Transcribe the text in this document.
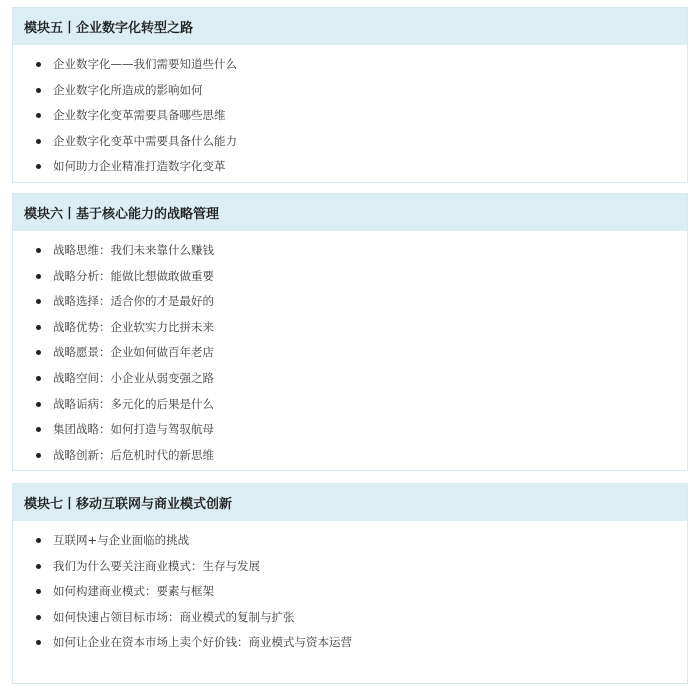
模块五丨企业数字化转型之路
企业数字化——我们需要知道些什么
企业数字化所造成的影响如何
企业数字化变革需要具备哪些思维
企业数字化变革中需要具备什么能力
如何助力企业精准打造数字化变革
模块六丨基于核心能力的战略管理
战略思维：我们未来靠什么赚钱
战略分析：能做比想做敢做重要
战略选择：适合你的才是最好的
战略优势：企业软实力比拼未来
战略愿景：企业如何做百年老店
战略空间：小企业从弱变强之路
战略诟病：多元化的后果是什么
集团战略：如何打造与驾驭航母
战略创新：后危机时代的新思维
模块七丨移动互联网与商业模式创新
互联网+与企业面临的挑战
我们为什么要关注商业模式：生存与发展
如何构建商业模式：要素与框架
如何快速占领目标市场：商业模式的复制与扩张
如何让企业在资本市场上卖个好价钱：商业模式与资本运营
